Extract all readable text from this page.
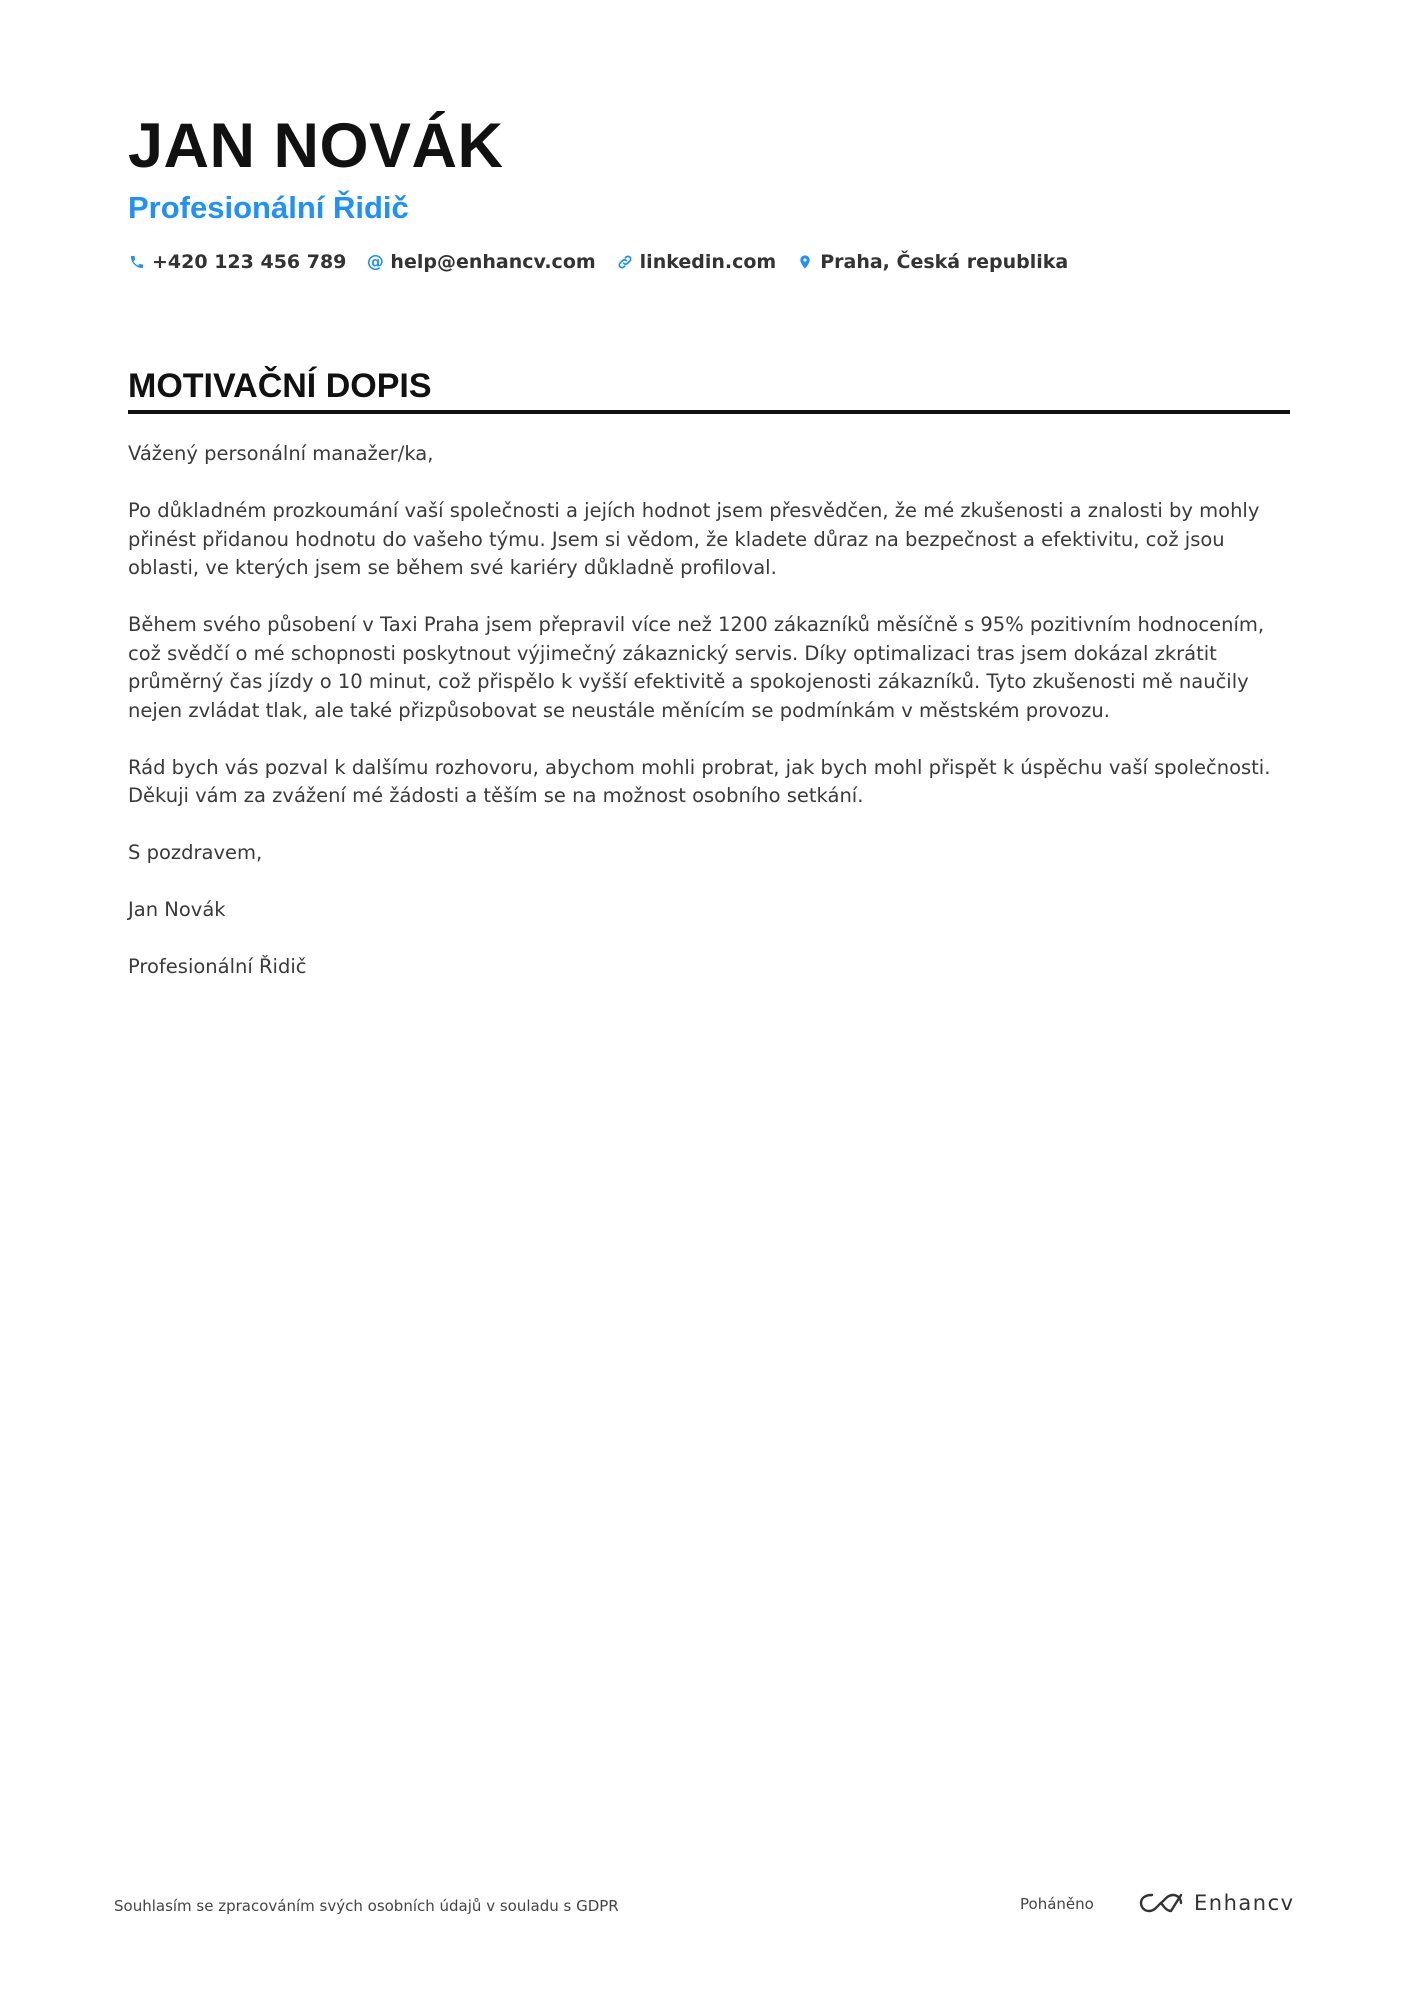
JAN NOVÁK
Profesionální Řidič
+420 123 456 789 @ help@enhancv.com linkedin.com Praha, Česká republika
MOTIVAČNÍ DOPIS

Vážený personální manažer/ka,

Po důkladném prozkoumání vaší společnosti a jejích hodnot jsem přesvědčen, že mé zkušenosti a znalosti by mohly přinést přidanou hodnotu do vašeho týmu. Jsem si vědom, že kladete důraz na bezpečnost a efektivitu, což jsou oblasti, ve kterých jsem se během své kariéry důkladně profiloval.

Během svého působení v Taxi Praha jsem přepravil více než 1200 zákazníků měsíčně s 95% pozitivním hodnocením, což svědčí o mé schopnosti poskytnout výjimečný zákaznický servis. Díky optimalizaci tras jsem dokázal zkrátit průměrný čas jízdy o 10 minut, což přispělo k vyšší efektivitě a spokojenosti zákazníků. Tyto zkušenosti mě naučily nejen zvládat tlak, ale také přizpůsobovat se neustále měnícím se podmínkám v městském provozu.

Rád bych vás pozval k dalšímu rozhovoru, abychom mohli probrat, jak bych mohl přispět k úspěchu vaší společnosti. Děkuji vám za zvážení mé žádosti a těším se na možnost osobního setkání.

S pozdravem,

Jan Novák

Profesionální Řidič

Souhlasím se zpracováním svých osobních údajů v souladu s GDPR	Poháněno	Enhancv
